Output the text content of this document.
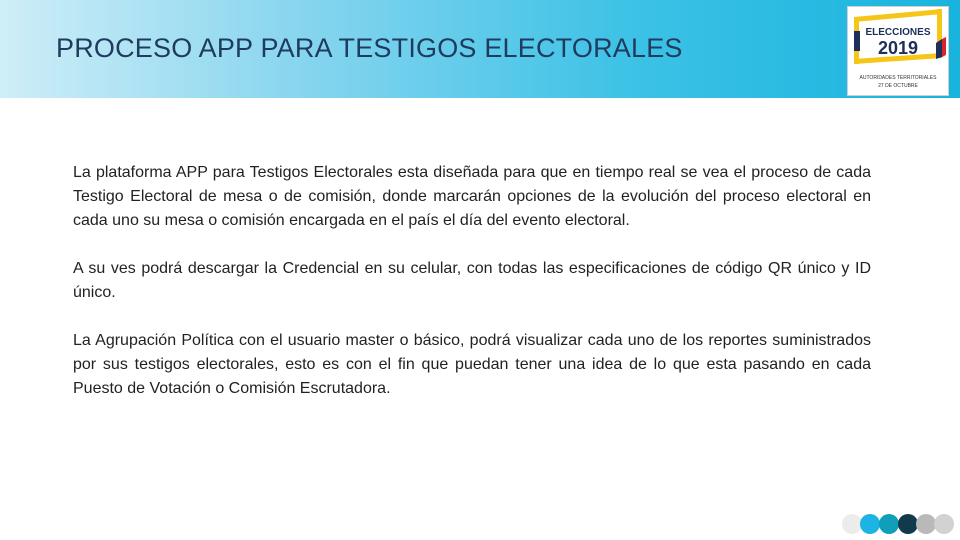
PROCESO APP PARA TESTIGOS ELECTORALES
ELECCIONES
2019
AUTORIDADES TERRITORIALES
27 DE OCTUBRE

La plataforma APP para Testigos Electorales esta diseñada para que en tiempo real se vea el proceso de cada Testigo Electoral de mesa o de comisión, donde marcarán opciones de la evolución del proceso electoral en cada uno su mesa o comisión encargada en el país el día del evento electoral.

A su ves podrá descargar la Credencial en su celular, con todas las especificaciones de código QR único y ID único.

La Agrupación Política con el usuario master o básico, podrá visualizar cada uno de los reportes suministrados por sus testigos electorales, esto es con el fin que puedan tener una idea de lo que esta pasando en cada Puesto de Votación o Comisión Escrutadora.
